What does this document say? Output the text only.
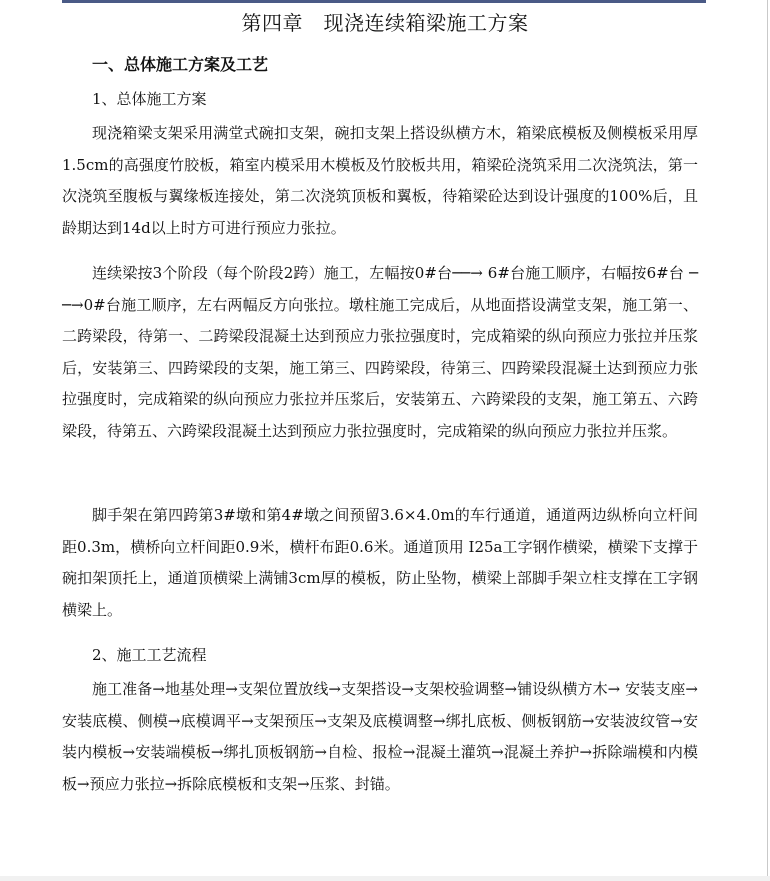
第四章　现浇连续箱梁施工方案
一、总体施工方案及工艺
1、总体施工方案
现浇箱梁支架采用满堂式碗扣支架，碗扣支架上搭设纵横方木，箱梁底模板及侧模板采用厚1.5cm的高强度竹胶板，箱室内模采用木模板及竹胶板共用，箱梁砼浇筑采用二次浇筑法，第一次浇筑至腹板与翼缘板连接处，第二次浇筑顶板和翼板，待箱梁砼达到设计强度的100%后，且龄期达到14d以上时方可进行预应力张拉。
连续梁按3个阶段（每个阶段2跨）施工，左幅按0#台──→ 6#台施工顺序，右幅按6#台 ──→0#台施工顺序，左右两幅反方向张拉。墩柱施工完成后，从地面搭设满堂支架，施工第一、二跨梁段，待第一、二跨梁段混凝土达到预应力张拉强度时，完成箱梁的纵向预应力张拉并压浆后，安装第三、四跨梁段的支架，施工第三、四跨梁段，待第三、四跨梁段混凝土达到预应力张拉强度时，完成箱梁的纵向预应力张拉并压浆后，安装第五、六跨梁段的支架，施工第五、六跨梁段，待第五、六跨梁段混凝土达到预应力张拉强度时，完成箱梁的纵向预应力张拉并压浆。
脚手架在第四跨第3#墩和第4#墩之间预留3.6×4.0m的车行通道，通道两边纵桥向立杆间距0.3m，横桥向立杆间距0.9米，横杆布距0.6米。通道顶用 I25a工字钢作横梁，横梁下支撑于碗扣架顶托上，通道顶横梁上满铺3cm厚的模板，防止坠物，横梁上部脚手架立柱支撑在工字钢横梁上。
2、施工工艺流程
施工准备→地基处理→支架位置放线→支架搭设→支架校验调整→铺设纵横方木→ 安装支座→安装底模、侧模→底模调平→支架预压→支架及底模调整→绑扎底板、侧板钢筋→安装波纹管→安装内模板→安装端模板→绑扎顶板钢筋→自检、报检→混凝土灌筑→混凝土养护→拆除端模和内模板→预应力张拉→拆除底模板和支架→压浆、封锚。
